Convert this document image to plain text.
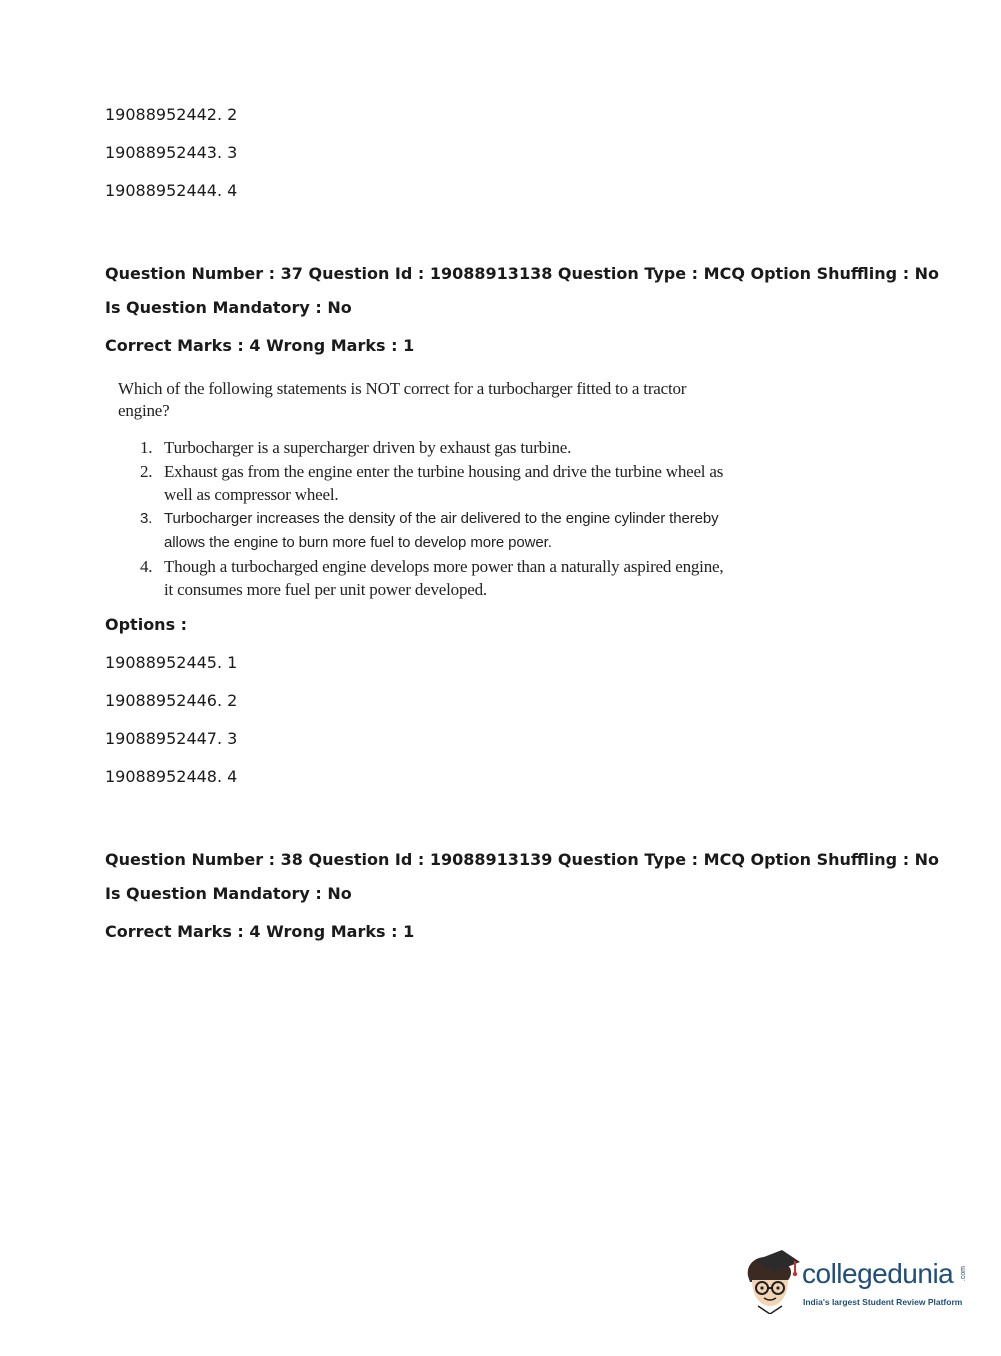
19088952442. 2
19088952443. 3
19088952444. 4
Question Number : 37 Question Id : 19088913138 Question Type : MCQ Option Shuffling : No
Is Question Mandatory : No
Correct Marks : 4 Wrong Marks : 1
Which of the following statements is NOT correct for a turbocharger fitted to a tractor engine?
1. Turbocharger is a supercharger driven by exhaust gas turbine.
2. Exhaust gas from the engine enter the turbine housing and drive the turbine wheel as well as compressor wheel.
3. Turbocharger increases the density of the air delivered to the engine cylinder thereby allows the engine to burn more fuel to develop more power.
4. Though a turbocharged engine develops more power than a naturally aspired engine, it consumes more fuel per unit power developed.
Options :
19088952445. 1
19088952446. 2
19088952447. 3
19088952448. 4
Question Number : 38 Question Id : 19088913139 Question Type : MCQ Option Shuffling : No
Is Question Mandatory : No
Correct Marks : 4 Wrong Marks : 1
collegedunia .com
India's largest Student Review Platform
